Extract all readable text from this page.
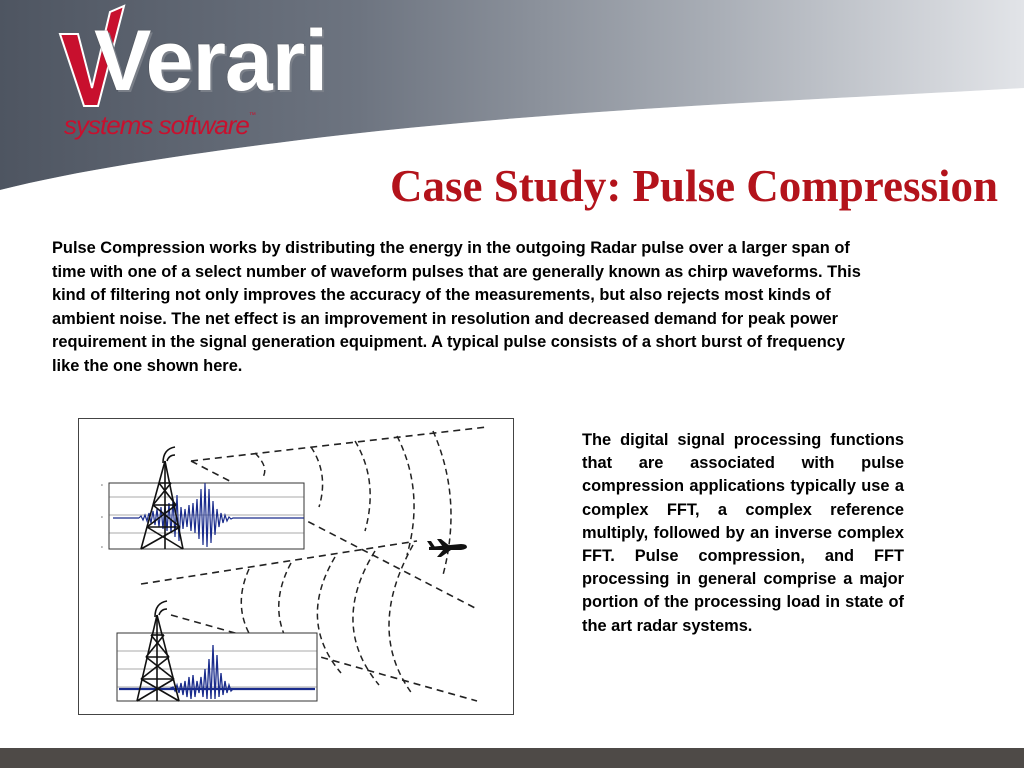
Verari
systems software™
Case Study: Pulse Compression
Pulse Compression works by distributing the energy in the outgoing Radar pulse over a larger span of time with one of a select number of waveform pulses that are generally known as chirp waveforms. This kind of filtering not only improves the accuracy of the measurements, but also rejects most kinds of ambient noise. The net effect is an improvement in resolution and decreased demand for peak power requirement in the signal generation equipment. A typical pulse consists of a short burst of frequency like the one shown here.
0
0
0
The digital signal processing functions that are associated with pulse compression applications typically use a complex FFT, a complex reference multiply, followed by an inverse complex FFT. Pulse compression, and FFT processing in general comprise a major portion of the processing load in state of the art radar systems.
